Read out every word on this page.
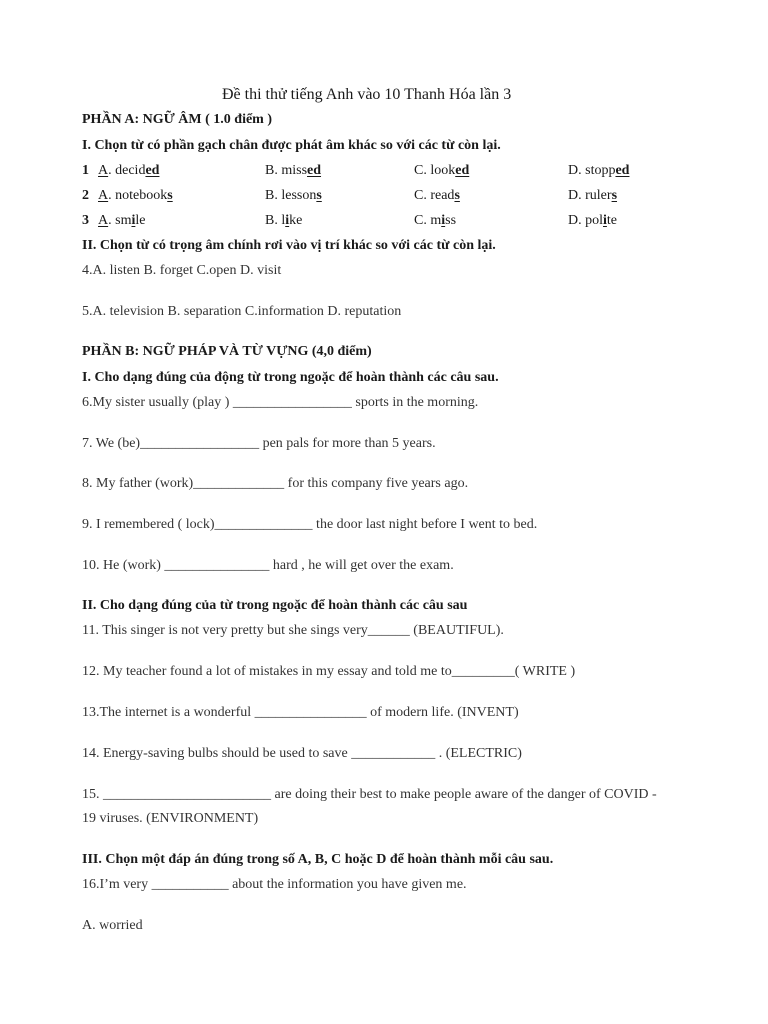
Đề thi thử tiếng Anh vào 10 Thanh Hóa lần 3
PHẦN A: NGỮ ÂM ( 1.0 điểm )
I. Chọn từ có phần gạch chân được phát âm khác so với các từ còn lại.
1 A. decided	B. missed	C. looked	D. stopped
2 A. notebooks	B. lessons	C. reads	D. rulers
3 A. smile	B. like	C. miss	D. polite
II. Chọn từ có trọng âm chính rơi vào vị trí khác so với các từ còn lại.
4.A. listen B. forget C.open D. visit
5.A. television B. separation C.information D. reputation
PHẦN B: NGỮ PHÁP VÀ TỪ VỰNG (4,0 điểm)
I. Cho dạng đúng của động từ trong ngoặc để hoàn thành các câu sau.
6.My sister usually (play ) _________________ sports in the morning.
7. We (be)_________________ pen pals for more than 5 years.
8. My father (work)_____________ for this company five years ago.
9. I remembered ( lock)______________ the door last night before I went to bed.
10. He (work) _______________ hard , he will get over the exam.
II. Cho dạng đúng của từ trong ngoặc để hoàn thành các câu sau
11. This singer is not very pretty but she sings very______ (BEAUTIFUL).
12. My teacher found a lot of mistakes in my essay and told me to_________( WRITE )
13.The internet is a wonderful ________________ of modern life. (INVENT)
14. Energy-saving bulbs should be used to save ____________ . (ELECTRIC)
15. ________________________ are doing their best to make people aware of the danger of COVID -
19 viruses. (ENVIRONMENT)
III. Chọn một đáp án đúng trong số A, B, C hoặc D để hoàn thành mỗi câu sau.
16.I’m very ___________ about the information you have given me.
A. worried
